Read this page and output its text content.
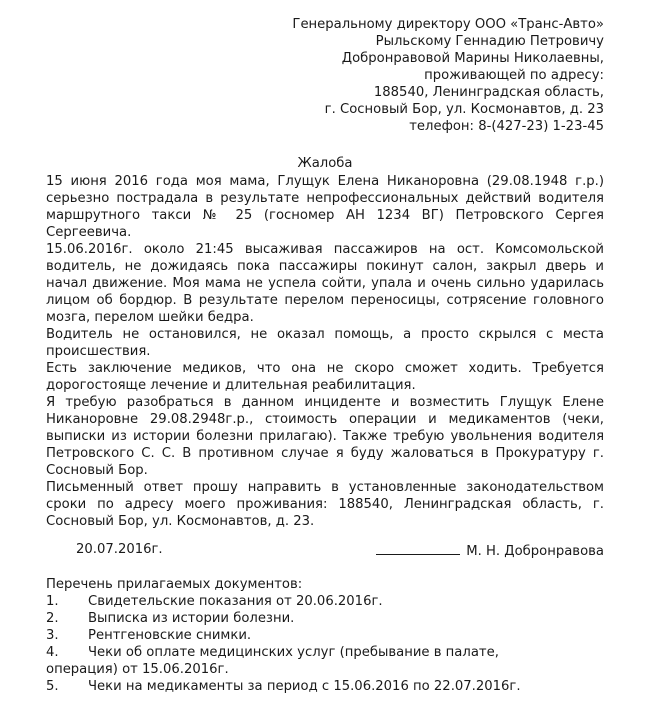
Генеральному директору ООО «Транс-Авто»
Рыльскому Геннадию Петровичу
Добронравовой Марины Николаевны,
проживающей по адресу:
188540, Ленинградская область,
г. Сосновый Бор, ул. Космонавтов, д. 23
телефон: 8-(427-23) 1-23-45
Жалоба

15 июня 2016 года моя мама, Глущук Елена Никаноровна (29.08.1948 г.р.) серьезно пострадала в результате непрофессиональных действий водителя маршрутного такси № 25 (госномер АН 1234 ВГ) Петровского Сергея Сергеевича.

15.06.2016г. около 21:45 высаживая пассажиров на ост. Комсомольской водитель, не дожидаясь пока пассажиры покинут салон, закрыл дверь и начал движение. Моя мама не успела сойти, упала и очень сильно ударилась лицом об бордюр. В результате перелом переносицы, сотрясение головного мозга, перелом шейки бедра.

Водитель не остановился, не оказал помощь, а просто скрылся с места происшествия.

Есть заключение медиков, что она не скоро сможет ходить. Требуется дорогостояще лечение и длительная реабилитация.

Я требую разобраться в данном инциденте и возместить Глущук Елене Никаноровне 29.08.2948г.р., стоимость операции и медикаментов (чеки, выписки из истории болезни прилагаю). Также требую увольнения водителя Петровского С. С. В противном случае я буду жаловаться в Прокуратуру г. Сосновый Бор.

Письменный ответ прошу направить в установленные законодательством сроки по адресу моего проживания: 188540, Ленинградская область, г. Сосновый Бор, ул. Космонавтов, д. 23.

20.07.2016г.	М. Н. Добронравова
Перечень прилагаемых документов:
1.	Свидетельские показания от 20.06.2016г.
2.	Выписка из истории болезни.
3.	Рентгеновские снимки.
4.	Чеки об оплате медицинских услуг (пребывание в палате,
операция) от 15.06.2016г.
5.	Чеки на медикаменты за период с 15.06.2016 по 22.07.2016г.
